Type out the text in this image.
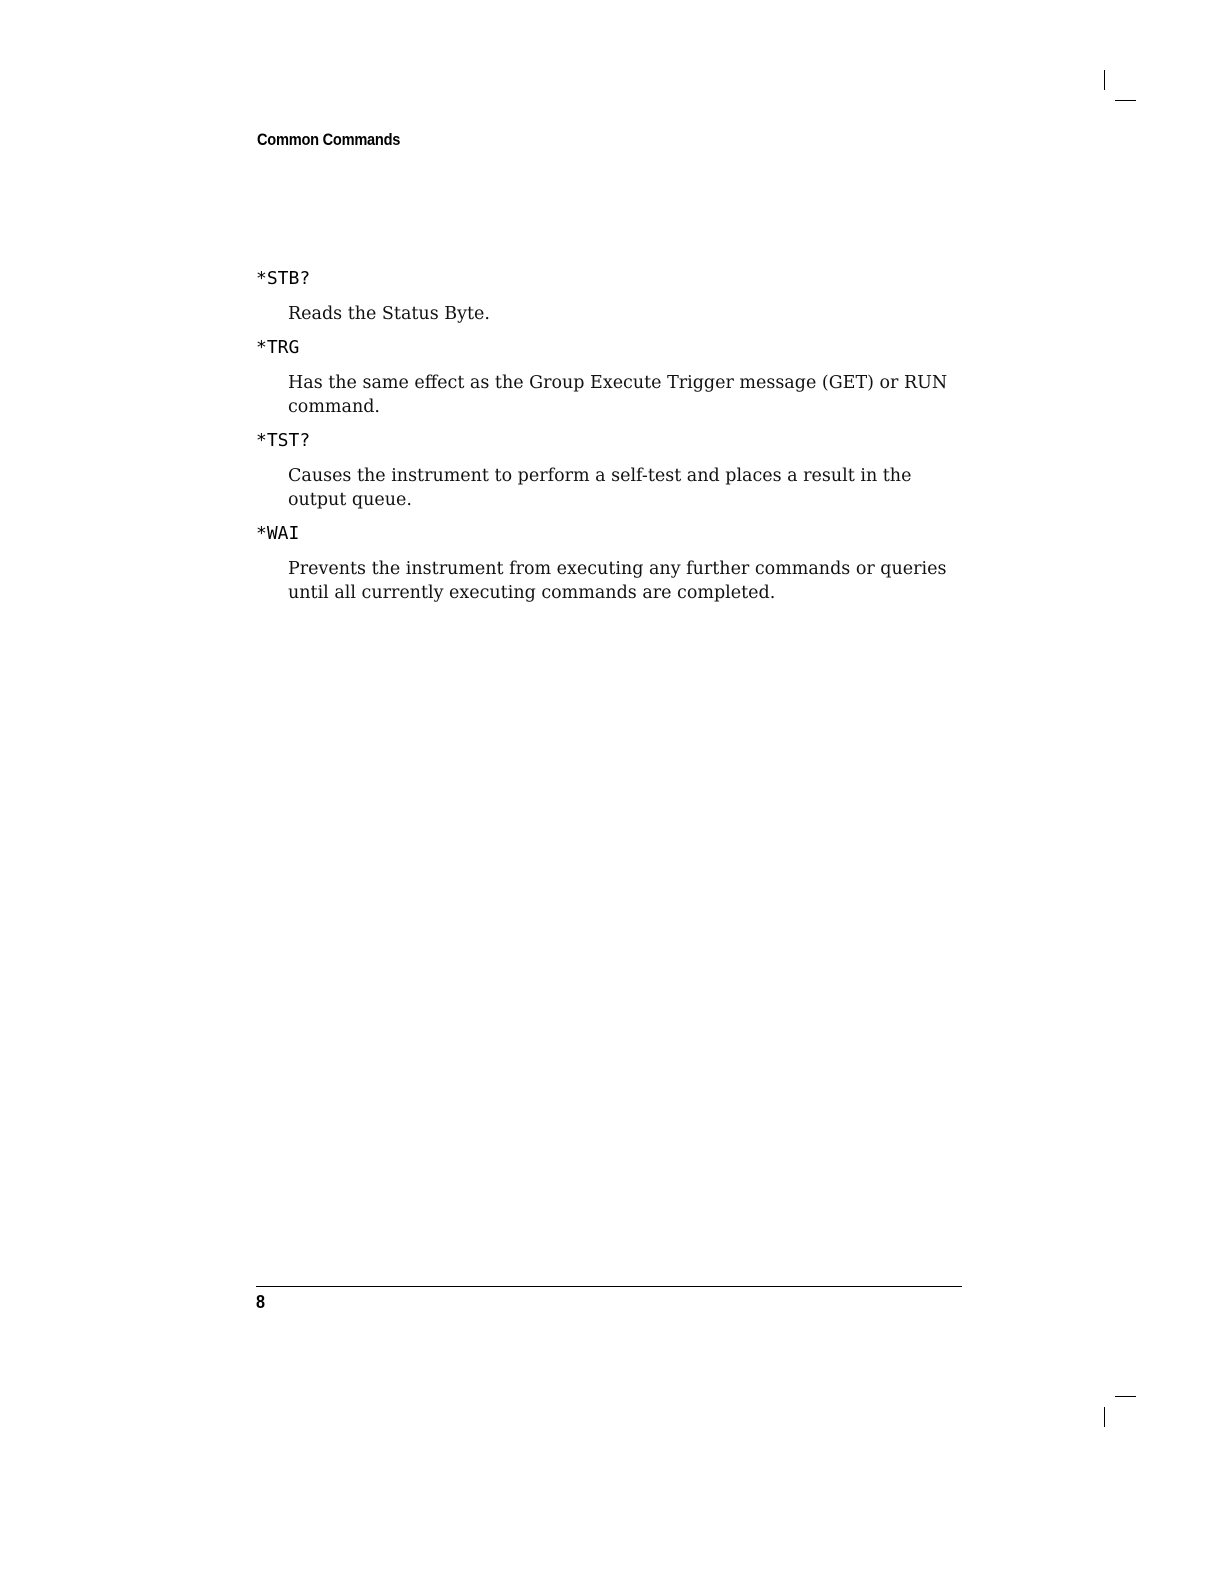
Common Commands
*STB?

Reads the Status Byte.

*TRG

Has the same effect as the Group Execute Trigger message (GET) or RUN command.

*TST?

Causes the instrument to perform a self-test and places a result in the output queue.

*WAI

Prevents the instrument from executing any further commands or queries until all currently executing commands are completed.

8
